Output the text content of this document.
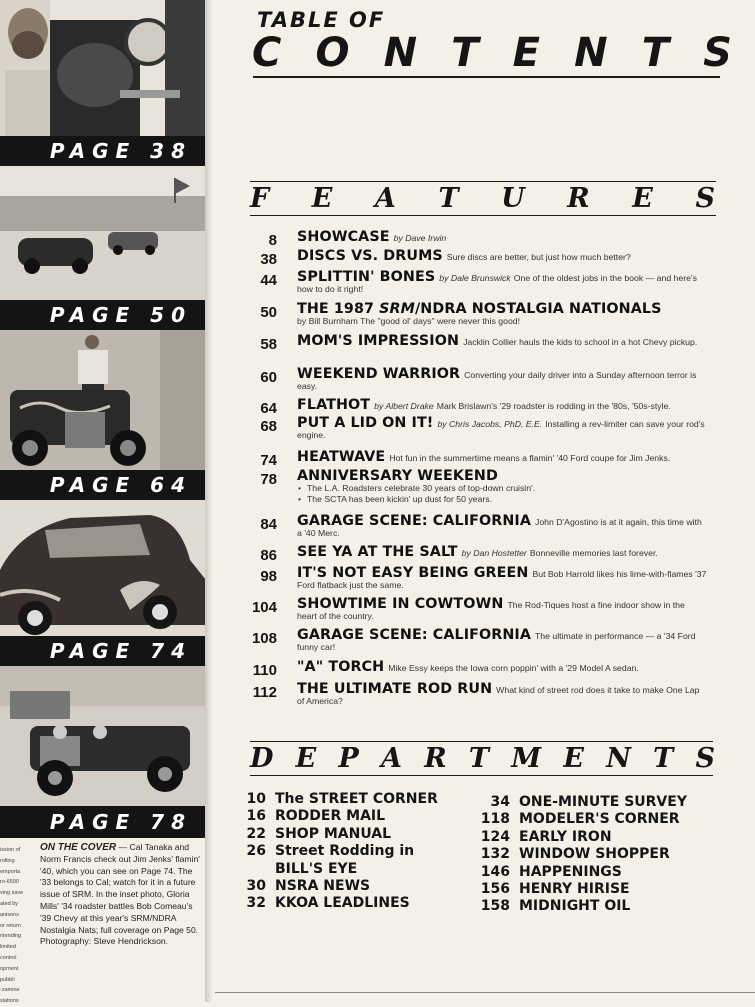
PAGE 38
PAGE 50
PAGE 64
PAGE 74
PAGE 78
ON THE COVER — Cal Tanaka and Norm Francis check out Jim Jenks' flamin' '40, which you can see on Page 74. The '33 belongs to Cal; watch for it in a future issue of SRM. In the inset photo, Gloria Mills' '34 roadster battles Bob Comeau's '39 Chevy at this year's SRM/NDRA Nostalgia Nats; full coverage on Page 50. Photography: Steve Hendrickson.
ission of
rolling
emporta
ro-6590
ving save
ated by
anisons
or return
ntending
limited
control
opment
pubbli
-zamine
slations
TABLE OF
C O N T E N T S
F E A T U R E S
8 SHOWCASE by Dave Irwin
38 DISCS VS. DRUMS Sure discs are better, but just how much better?
44 SPLITTIN' BONES by Dale Brunswick One of the oldest jobs in the book — and here's how to do it right!
50 THE 1987 SRM/NDRA NOSTALGIA NATIONALS
by Bill Burnham The "good ol' days" were never this good!
58 MOM'S IMPRESSION Jacklin Collier hauls the kids to school in a hot Chevy pickup.
60 WEEKEND WARRIOR Converting your daily driver into a Sunday afternoon terror is easy.
64 FLATHOT by Albert Drake Mark Brislawn's '29 roadster is rodding in the '80s, '50s-style.
68 PUT A LID ON IT! by Chris Jacobs, PhD, E.E. Installing a rev-limiter can save your rod's engine.
74 HEATWAVE Hot fun in the summertime means a flamin' '40 Ford coupe for Jim Jenks.
78 ANNIVERSARY WEEKEND
• The L.A. Roadsters celebrate 30 years of top-down cruisin'.
• The SCTA has been kickin' up dust for 50 years.
84 GARAGE SCENE: CALIFORNIA John D'Agostino is at it again, this time with a '40 Merc.
86 SEE YA AT THE SALT by Dan Hostetter Bonneville memories last forever.
98 IT'S NOT EASY BEING GREEN But Bob Harrold likes his lime-with-flames '37 Ford flatback just the same.
104 SHOWTIME IN COWTOWN The Rod-Tiques host a fine indoor show in the heart of the country.
108 GARAGE SCENE: CALIFORNIA The ultimate in performance — a '34 Ford funny car!
110 "A" TORCH Mike Essy keeps the Iowa corn poppin' with a '29 Model A sedan.
112 THE ULTIMATE ROD RUN What kind of street rod does it take to make One Lap of America?
D E P A R T M E N T S
10 The STREET CORNER
16 RODDER MAIL
22 SHOP MANUAL
26 Street Rodding in
BILL'S EYE
30 NSRA NEWS
32 KKOA LEADLINES
34 ONE-MINUTE SURVEY
118 MODELER'S CORNER
124 EARLY IRON
132 WINDOW SHOPPER
146 HAPPENINGS
156 HENRY HIRISE
158 MIDNIGHT OIL
